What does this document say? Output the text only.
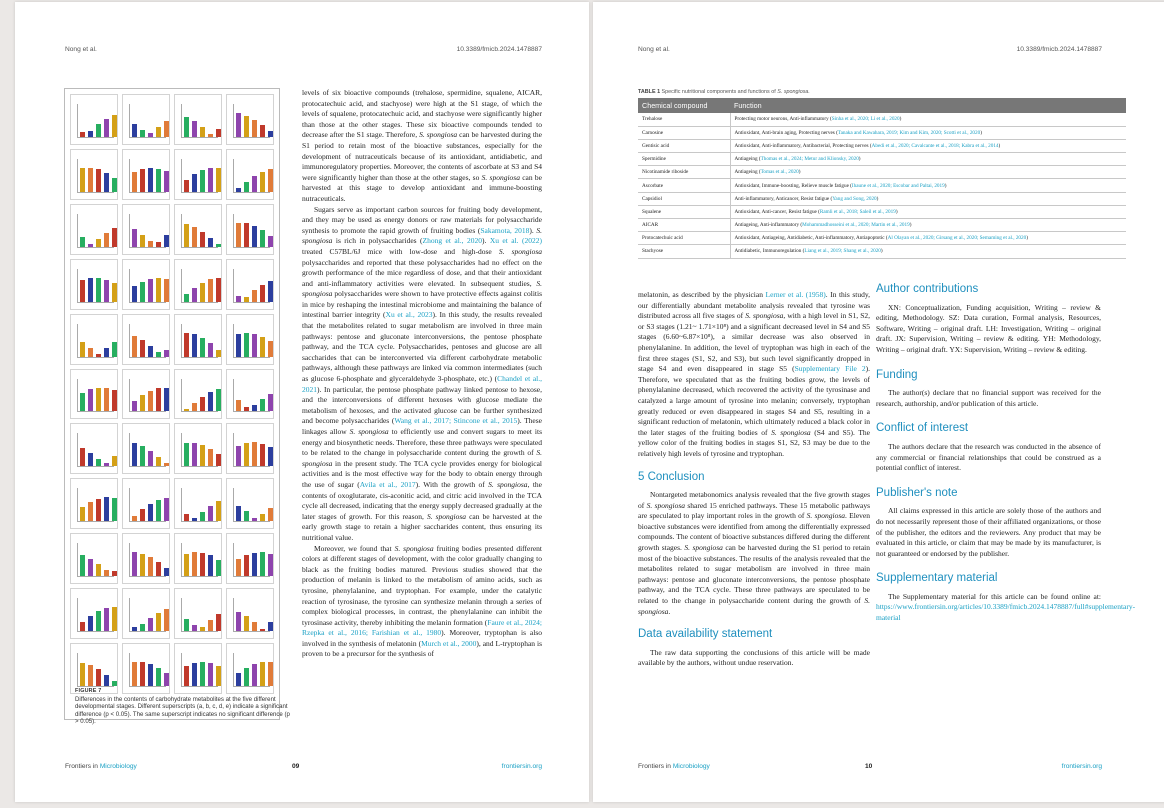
Nong et al.	10.3389/fmicb.2024.1478887
FIGURE 7
Differences in the contents of carbohydrate metabolites at the five different developmental stages. Different superscripts (a, b, c, d, e) indicate a significant difference (p < 0.05). The same superscript indicates no significant difference (p > 0.05).

levels of six bioactive compounds (trehalose, spermidine, squalene, AICAR, protocatechuic acid, and stachyose) were high at the S1 stage, of which the levels of squalene, protocatechuic acid, and stachyose were significantly higher than those at the other stages. These six bioactive compounds tended to decrease after the S1 stage. Therefore, S. spongiosa can be harvested during the S1 period to retain most of the bioactive substances, especially for the development of nutraceuticals because of its antioxidant, antidiabetic, and immunoregulatory properties. Moreover, the contents of ascorbate at S3 and S4 were significantly higher than those at the other stages, so S. spongiosa can be harvested at this stage to develop antioxidant and immune-boosting nutraceuticals.

Sugars serve as important carbon sources for fruiting body development, and they may be used as energy donors or raw materials for polysaccharide synthesis to promote the rapid growth of fruiting bodies (Sakamota, 2018). S. spongiosa is rich in polysaccharides (Zhong et al., 2020). Xu et al. (2022) treated C57BL/6J mice with low-dose and high-dose S. spongiosa polysaccharides and reported that these polysaccharides had no effect on the growth performance of the mice regardless of dose, and that their antioxidant and anti-inflammatory activities were elevated. In subsequent studies, S. spongiosa polysaccharides were shown to have protective effects against colitis in mice by reshaping the intestinal microbiome and maintaining the balance of intestinal barrier integrity (Xu et al., 2023). In this study, the results revealed that the metabolites related to sugar metabolism are involved in three main pathways: pentose and gluconate interconversions, the pentose phosphate pathway, and the TCA cycle. Polysaccharides, pentoses and glucose are all saccharides that can be interconverted via different carbohydrate metabolic pathways, although these pathways are linked via common intermediates (such as glucose 6-phosphate and glyceraldehyde 3-phosphate, etc.) (Chandel et al., 2021). In particular, the pentose phosphate pathway linked pentose to hexose, and the interconversions of different hexoses with glucose mediate the metabolism of hexoses, and the activated glucose can be further synthesized and become polysaccharides (Wang et al., 2017; Stincone et al., 2015). These linkages allow S. spongiosa to efficiently use and convert sugars to meet its energy and biosynthetic needs. Therefore, these three pathways were speculated to be related to the change in polysaccharide content during the growth of S. spongiosa in the present study. The TCA cycle provides energy for biological activities and is the most effective way for the body to obtain energy through the use of sugar (Avila et al., 2017). With the growth of S. spongiosa, the contents of oxoglutarate, cis-aconitic acid, and citric acid involved in the TCA cycle all decreased, indicating that the energy supply decreased gradually at the later stages of growth. For this reason, S. spongiosa can be harvested at the early growth stage to retain a higher saccharides content, thus ensuring its nutritional value.

Moreover, we found that S. spongiosa fruiting bodies presented different colors at different stages of development, with the color gradually changing to black as the fruiting bodies matured. Previous studies showed that the production of melanin is linked to the metabolism of amino acids, such as tyrosine, phenylalanine, and tryptophan. For example, under the catalytic reaction of tyrosinase, the tyrosine can synthesize melanin through a series of complex biological processes, in contrast, the phenylalanine can inhibit the tyrosinase activity, thereby inhibiting the melanin formation (Faure et al., 2024; Rzepka et al., 2016; Farishian et al., 1980). Moreover, tryptophan is also involved in the synthesis of melatonin (Murch et al., 2000), and L-tryptophan is proven to be a precursor for the synthesis of

Frontiers in Microbiology	09	frontiersin.org
Nong et al.	10.3389/fmicb.2024.1478887
TABLE 1 Specific nutritional components and functions of S. spongiosa.
Chemical compound	Function
Trehalose	Protecting motor neurons, Anti-inflammatory (Sinha et al., 2020; Li et al., 2020)
Carnosine	Antioxidant, Anti-brain aging, Protecting nerves (Tanaka and Kawahara, 2019; Kim and Kim, 2020; Scotti et al., 2020)
Gentisic acid	Antioxidant, Anti-inflammatory, Antibacterial, Protecting nerves (Abedi et al., 2020; Cavalcante et al., 2018; Kabra et al., 2014)
Spermidine	Antiageing (Thomas et al., 2024; Metur and Klionsky, 2020)
Nicotinamide riboside	Antiageing (Tomas et al., 2020)
Ascorbate	Antioxidant, Immune-boosting, Relieve muscle fatigue (Ihaune et al., 2020; Escobar and Paltai, 2019)
Capsidiol	Anti-inflammatory, Anticancer, Resist fatigue (Yang and Song, 2020)
Squalene	Antioxidant, Anti-cancer, Resist fatigue (Ramli et al., 2018; Saleil et al., 2019)
AICAR	Antiageing, Anti-inflammatory (Mohammadhosseini et al., 2020; Martin et al., 2019)
Protocatechuic acid	Antioxidant, Antiageing, Antidiabetic, Anti-inflammatory, Antiapoptotic (Al Olayan et al., 2020; Girsang et al., 2020; Semaming et al., 2020)
Stachyose	Antidiabetic, Immunoregulation (Liang et al., 2019; Shang et al., 2020)

melatonin, as described by the physician Lerner et al. (1958). In this study, our differentially abundant metabolite analysis revealed that tyrosine was distributed across all five stages of S. spongiosa, with a high level in S1, S2, or S3 stages (1.21~ 1.71×10⁸) and a significant decreased level in S4 and S5 stages (6.60~6.87×10⁸), a similar decrease was also observed in phenylalanine. In addition, the level of tryptophan was high in each of the first three stages (S1, S2, and S3), but such level significantly dropped in stage S4 and even disappeared in stage S5 (Supplementary File 2). Therefore, we speculated that as the fruiting bodies grow, the levels of phenylalanine decreased, which recovered the activity of the tyrosinase and catalyzed a large amount of tyrosine into melanin; conversely, tryptophan greatly reduced or even disappeared in stages S4 and S5, resulting in a significant reduction of melatonin, which ultimately reduced a black color in the later stages of the fruiting bodies of S. spongiosa (S4 and S5). The yellow color of the fruiting bodies in stages S1, S2, S3 may be due to the relatively high levels of tyrosine and tryptophan.

5 Conclusion

Nontargeted metabonomics analysis revealed that the five growth stages of S. spongiosa shared 15 enriched pathways. These 15 metabolic pathways are speculated to play important roles in the growth of S. spongiosa. Eleven bioactive substances were identified from among the differentially expressed compounds. The content of bioactive substances differed during the different growth stages. S. spongiosa can be harvested during the S1 period to retain most of the bioactive substances. The results of the analysis revealed that the metabolites related to sugar metabolism are involved in three main pathways: pentose and gluconate interconversions, the pentose phosphate pathway, and the TCA cycle. These three pathways are speculated to be related to the change in polysaccharide content during the growth of S. spongiosa.

Data availability statement

The raw data supporting the conclusions of this article will be made available by the authors, without undue reservation.

Author contributions

XN: Conceptualization, Funding acquisition, Writing – review & editing, Methodology. SZ: Data curation, Formal analysis, Resources, Software, Writing – original draft. LH: Investigation, Writing – original draft. JX: Supervision, Writing – review & editing. YH: Methodology, Writing – original draft. YX: Supervision, Writing – review & editing.

Funding

The author(s) declare that no financial support was received for the research, authorship, and/or publication of this article.

Conflict of interest

The authors declare that the research was conducted in the absence of any commercial or financial relationships that could be construed as a potential conflict of interest.

Publisher's note

All claims expressed in this article are solely those of the authors and do not necessarily represent those of their affiliated organizations, or those of the publisher, the editors and the reviewers. Any product that may be evaluated in this article, or claim that may be made by its manufacturer, is not guaranteed or endorsed by the publisher.

Supplementary material

The Supplementary material for this article can be found online at: https://www.frontiersin.org/articles/10.3389/fmicb.2024.1478887/full#supplementary-material

Frontiers in Microbiology	10	frontiersin.org
